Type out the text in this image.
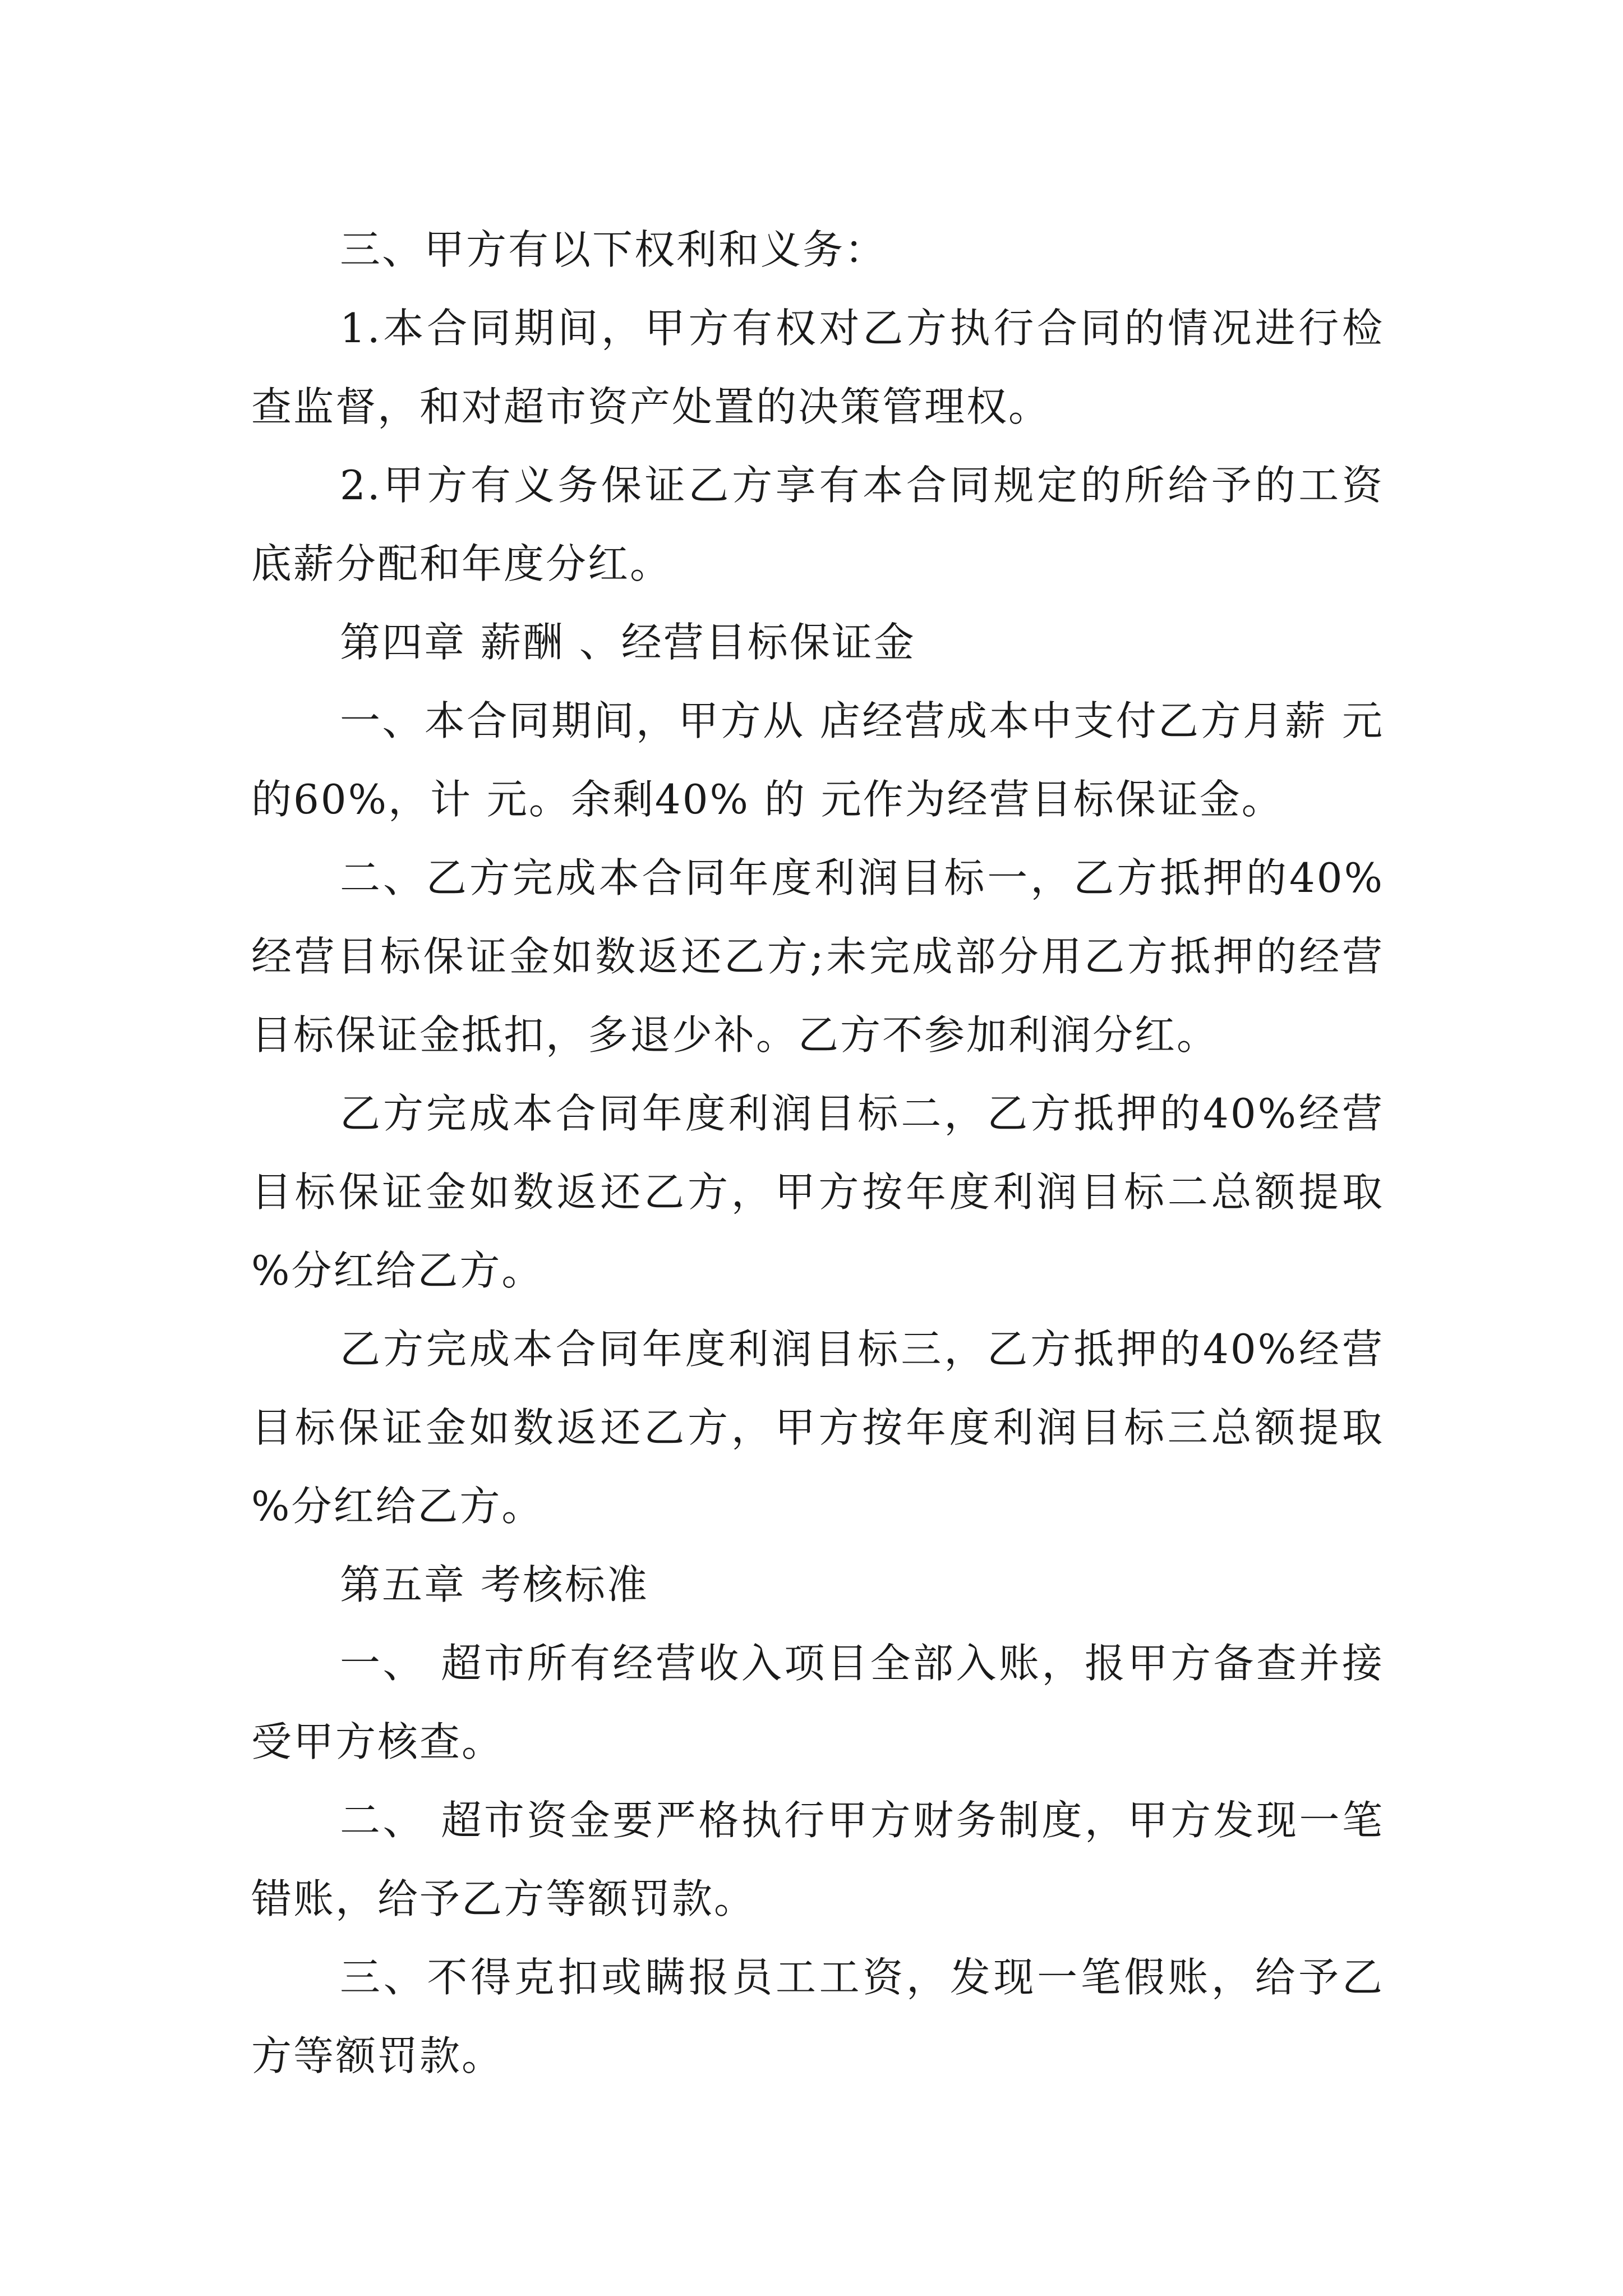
三、甲方有以下权利和义务：

1.本合同期间，甲方有权对乙方执行合同的情况进行检查监督，和对超市资产处置的决策管理权。

2.甲方有义务保证乙方享有本合同规定的所给予的工资底薪分配和年度分红。

第四章 薪酬 、经营目标保证金

一、本合同期间，甲方从 店经营成本中支付乙方月薪 元的60%，计 元。余剩40% 的 元作为经营目标保证金。

二、乙方完成本合同年度利润目标一，乙方抵押的40%经营目标保证金如数返还乙方;未完成部分用乙方抵押的经营目标保证金抵扣，多退少补。乙方不参加利润分红。

乙方完成本合同年度利润目标二，乙方抵押的40%经营目标保证金如数返还乙方，甲方按年度利润目标二总额提取 %分红给乙方。

乙方完成本合同年度利润目标三，乙方抵押的40%经营目标保证金如数返还乙方，甲方按年度利润目标三总额提取 %分红给乙方。

第五章 考核标准

一、 超市所有经营收入项目全部入账，报甲方备查并接受甲方核查。

二、 超市资金要严格执行甲方财务制度，甲方发现一笔错账，给予乙方等额罚款。

三、不得克扣或瞒报员工工资，发现一笔假账，给予乙方等额罚款。
